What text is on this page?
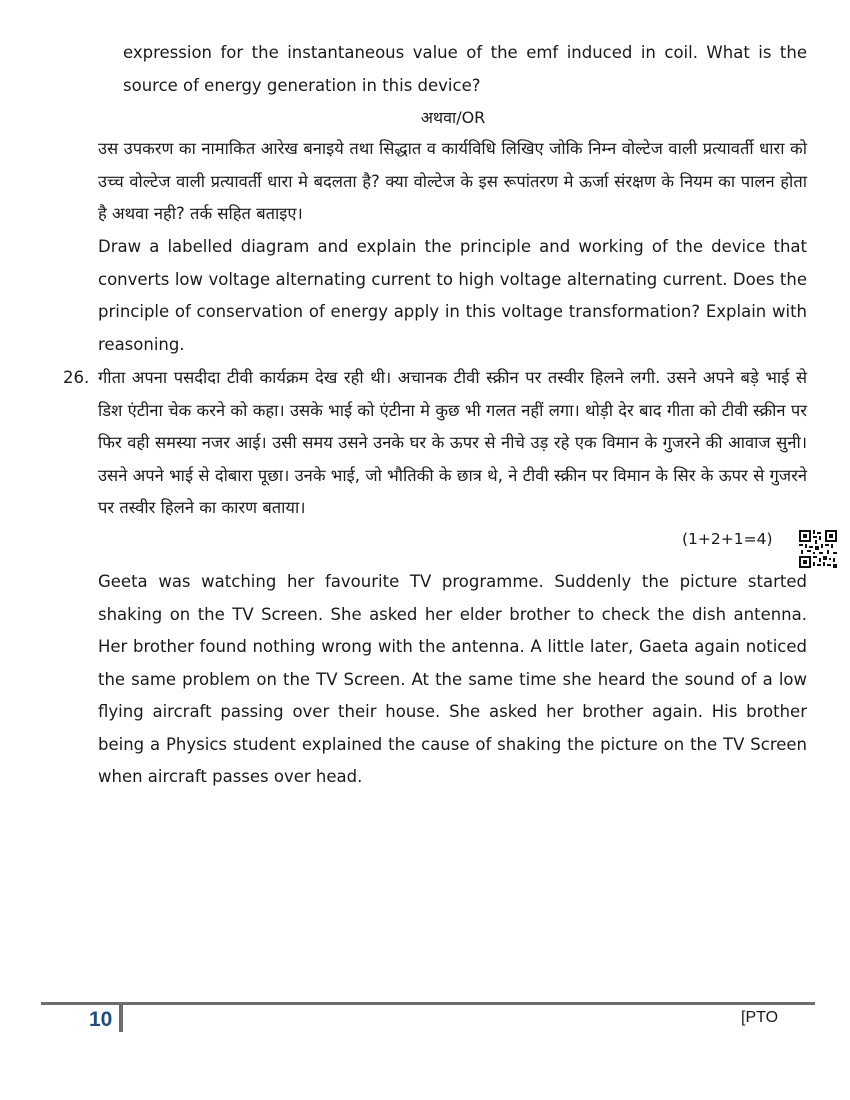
expression for the instantaneous value of the emf induced in coil. What is the source of energy generation in this device?

अथवा/OR

उस उपकरण का नामाकित आरेख बनाइये तथा सिद्धात व कार्यविधि लिखिए जोकि निम्न वोल्टेज वाली प्रत्यावर्ती धारा को उच्च वोल्टेज वाली प्रत्यावर्ती धारा मे बदलता है? क्या वोल्टेज के इस रूपांतरण मे ऊर्जा संरक्षण के नियम का पालन होता है अथवा नही? तर्क सहित बताइए।

Draw a labelled diagram and explain the principle and working of the device that converts low voltage alternating current to high voltage alternating current. Does the principle of conservation of energy apply in this voltage transformation? Explain with reasoning.

26. गीता अपना पसदीदा टीवी कार्यक्रम देख रही थी। अचानक टीवी स्क्रीन पर तस्वीर हिलने लगी. उसने अपने बड़े भाई से डिश एंटीना चेक करने को कहा। उसके भाई को एंटीना मे कुछ भी गलत नहीं लगा। थोड़ी देर बाद गीता को टीवी स्क्रीन पर फिर वही समस्या नजर आई। उसी समय उसने उनके घर के ऊपर से नीचे उड़ रहे एक विमान के गुजरने की आवाज सुनी। उसने अपने भाई से दोबारा पूछा। उनके भाई, जो भौतिकी के छात्र थे, ने टीवी स्क्रीन पर विमान के सिर के ऊपर से गुजरने पर तस्वीर हिलने का कारण बताया।

(1+2+1=4)

Geeta was watching her favourite TV programme. Suddenly the picture started shaking on the TV Screen. She asked her elder brother to check the dish antenna. Her brother found nothing wrong with the antenna. A little later, Gaeta again noticed the same problem on the TV Screen. At the same time she heard the sound of a low flying aircraft passing over their house. She asked her brother again. His brother being a Physics student explained the cause of shaking the picture on the TV Screen when aircraft passes over head.

10	[PTO
